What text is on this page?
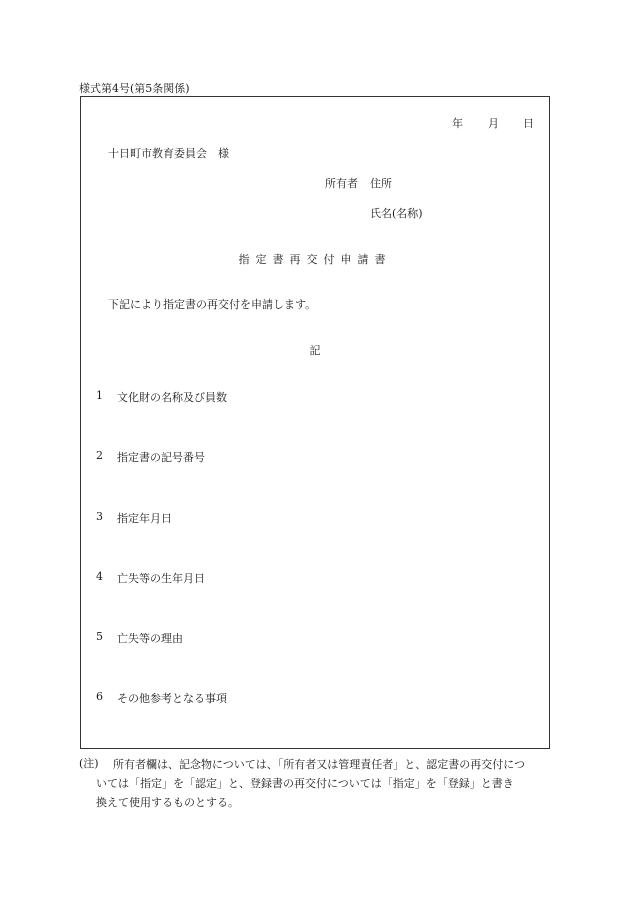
様式第4号(第5条関係)
年 月 日
十日町市教育委員会　様
所有者 住所
氏名(名称)
指定書再交付申請書
下記により指定書の再交付を申請します。
記
1 文化財の名称及び員数
2 指定書の記号番号
3 指定年月日
4 亡失等の生年月日
5 亡失等の理由
6 その他参考となる事項
(注)	所有者欄は、記念物については、「所有者又は管理責任者」と、認定書の再交付につ
いては「指定」を「認定」と、登録書の再交付については「指定」を「登録」と書き
換えて使用するものとする。
